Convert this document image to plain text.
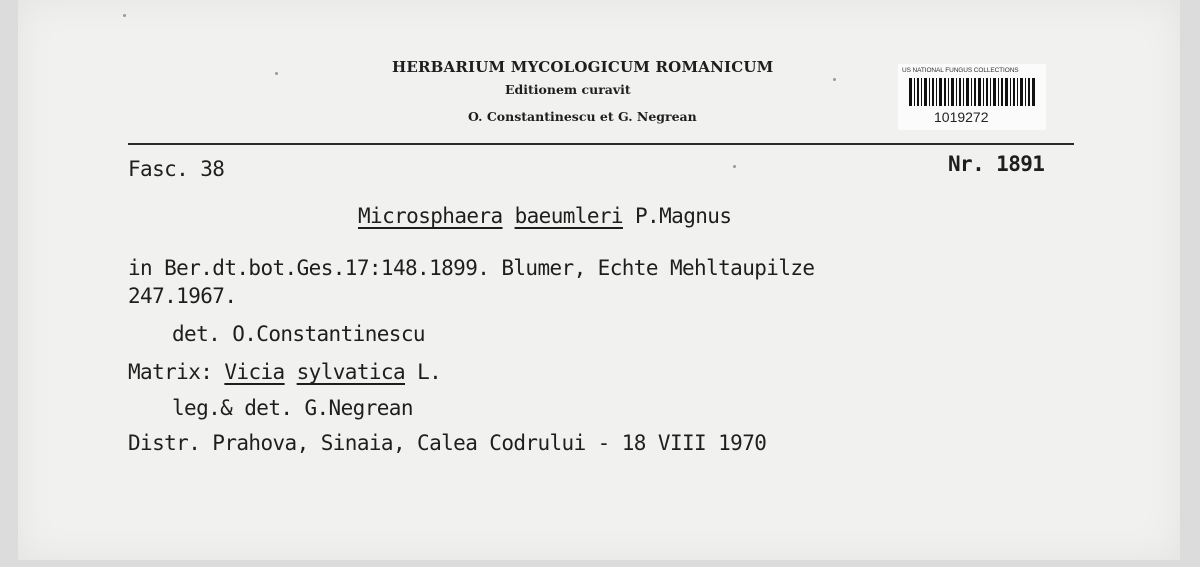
HERBARIUM MYCOLOGICUM ROMANICUM
Editionem curavit
O. Constantinescu et G. Negrean
US NATIONAL FUNGUS COLLECTIONS
1019272
Fasc. 38	Nr. 1891
Microsphaera baeumleri P.Magnus
in Ber.dt.bot.Ges.17:148.1899. Blumer, Echte Mehltaupilze
247.1967.
det. O.Constantinescu
Matrix: Vicia sylvatica L.
leg.& det. G.Negrean
Distr. Prahova, Sinaia, Calea Codrului - 18 VIII 1970
